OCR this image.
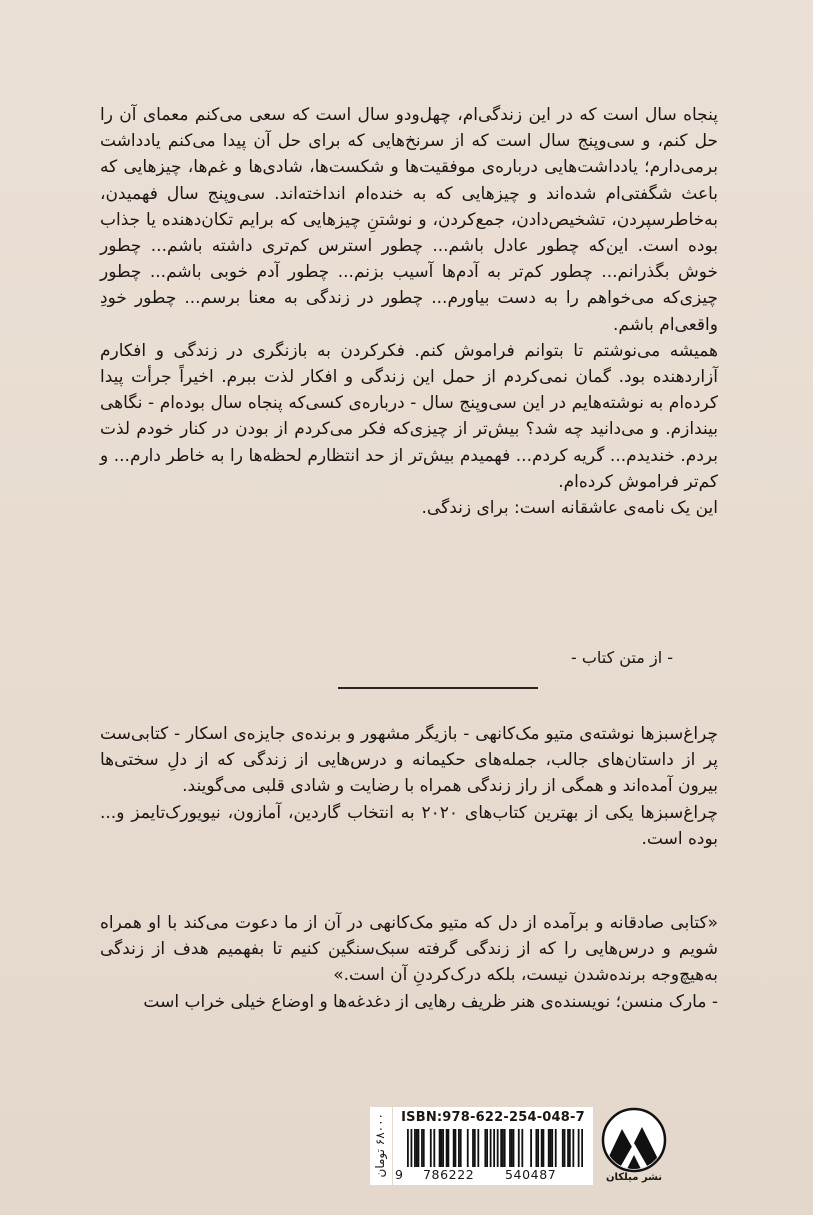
پنجاه سال است که در این زندگی‌ام، چهل‌ودو سال است که سعی می‌کنم معمای آن را حل کنم، و سی‌وپنج سال است که از سرنخ‌هایی که برای حل آن پیدا می‌کنم یادداشت برمی‌دارم؛ یادداشت‌هایی درباره‌ی موفقیت‌ها و شکست‌ها، شادی‌ها و غم‌ها، چیزهایی که باعث شگفتی‌ام شده‌اند و چیزهایی که به خنده‌ام انداخته‌اند. سی‌وپنج سال فهمیدن، به‌خاطرسپردن، تشخیص‌دادن، جمع‌کردن، و نوشتنِ چیزهایی که برایم تکان‌دهنده یا جذاب بوده است. این‌که چطور عادل باشم... چطور استرس کم‌تری داشته باشم... چطور خوش بگذرانم... چطور کم‌تر به آدم‌ها آسیب بزنم... چطور آدم خوبی باشم... چطور چیزی‌که می‌خواهم را به دست بیاورم... چطور در زندگی به معنا برسم... چطور خودِ واقعی‌ام باشم.

همیشه می‌نوشتم تا بتوانم فراموش کنم. فکرکردن به بازنگری در زندگی و افکارم آزاردهنده بود. گمان نمی‌کردم از حمل این زندگی و افکار لذت ببرم. اخیراً جرأت پیدا کرده‌ام به نوشته‌هایم در این سی‌وپنج سال - درباره‌ی کسی‌که پنجاه سال بوده‌ام - نگاهی بیندازم. و می‌دانید چه شد؟ بیش‌تر از چیزی‌که فکر می‌کردم از بودن در کنار خودم لذت بردم. خندیدم... گریه کردم... فهمیدم بیش‌تر از حد انتظارم لحظه‌ها را به خاطر دارم... و کم‌تر فراموش کرده‌ام.

این یک نامه‌ی عاشقانه است: برای زندگی.

- از متن کتاب -

چراغ‌سبزها نوشته‌ی متیو مک‌کانهی - بازیگر مشهور و برنده‌ی جایزه‌ی اسکار - کتابی‌ست پر از داستان‌های جالب، جمله‌های حکیمانه و درس‌هایی از زندگی که از دلِ سختی‌ها بیرون آمده‌اند و همگی از راز زندگی همراه با رضایت و شادی قلبی می‌گویند.

چراغ‌سبزها یکی از بهترین کتاب‌های ۲۰۲۰ به انتخاب گاردین، آمازون، نیویورک‌تایمز و... بوده است.

«کتابی صادقانه و برآمده از دل که متیو مک‌کانهی در آن از ما دعوت می‌کند با او همراه شویم و درس‌هایی را که از زندگی گرفته سبک‌سنگین کنیم تا بفهمیم هدف از زندگی به‌هیچ‌وجه برنده‌شدن نیست، بلکه درک‌کردنِ آن است.»

- مارک منسن؛ نویسنده‌ی هنر ظریف رهایی از دغدغه‌ها و اوضاع خیلی خراب است

۶۸۰۰۰ تومان	ISBN:978-622-254-048-7
9 786222 540487	نشر میلکان
